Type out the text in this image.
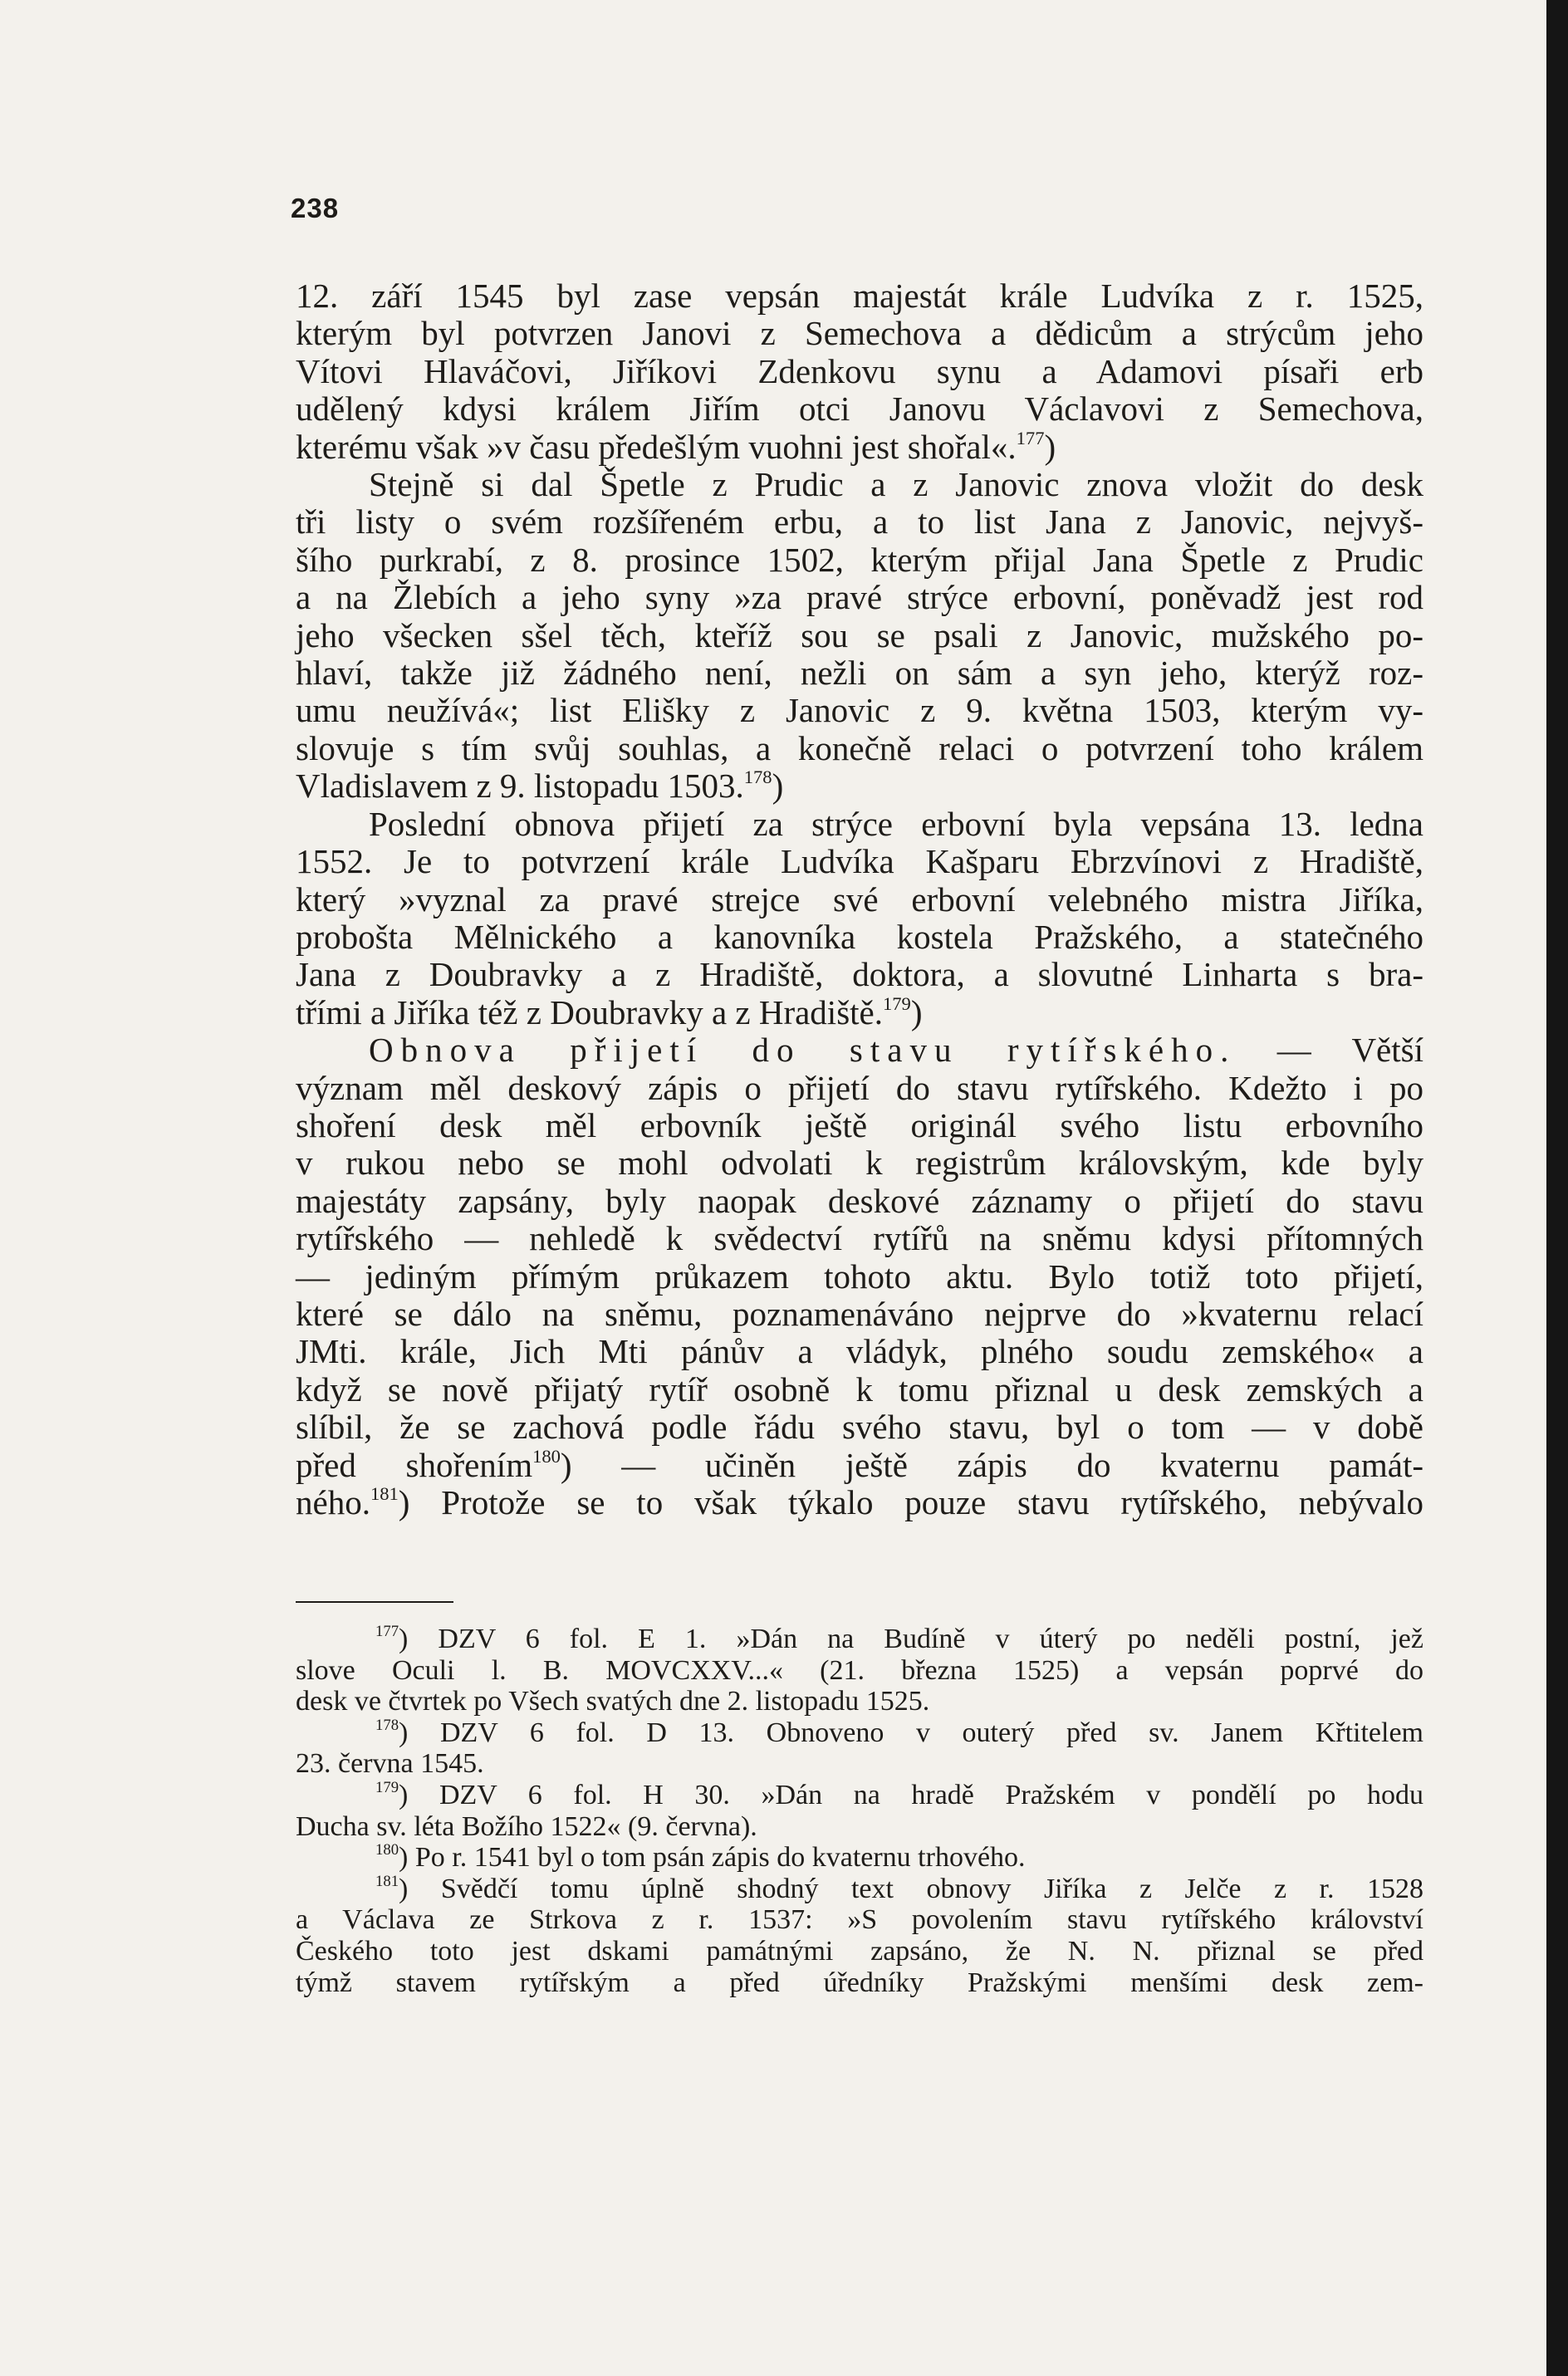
238
12. září 1545 byl zase vepsán majestát krále Ludvíka z r. 1525,
kterým byl potvrzen Janovi z Semechova a dědicům a strýcům jeho
Vítovi Hlaváčovi, Jiříkovi Zdenkovu synu a Adamovi písaři erb
udělený kdysi králem Jiřím otci Janovu Václavovi z Semechova,
kterému však »v času předešlým vuohni jest shořal«.$^{177}$)
Stejně si dal Špetle z Prudic a z Janovic znova vložit do desk
tři listy o svém rozšířeném erbu, a to list Jana z Janovic, nejvyš-
šího purkrabí, z 8. prosince 1502, kterým přijal Jana Špetle z Prudic
a na Žlebích a jeho syny »za pravé strýce erbovní, poněvadž jest rod
jeho všecken sšel těch, kteříž sou se psali z Janovic, mužského po-
hlaví, takže již žádného není, nežli on sám a syn jeho, kterýž roz-
umu neužívá«; list Elišky z Janovic z 9. května 1503, kterým vy-
slovuje s tím svůj souhlas, a konečně relaci o potvrzení toho králem
Vladislavem z 9. listopadu 1503.$^{178}$)
Poslední obnova přijetí za strýce erbovní byla vepsána 13. ledna
1552. Je to potvrzení krále Ludvíka Kašparu Ebrzvínovi z Hradiště,
který »vyznal za pravé strejce své erbovní velebného mistra Jiříka,
probošta Mělnického a kanovníka kostela Pražského, a statečného
Jana z Doubravky a z Hradiště, doktora, a slovutné Linharta s bra-
třími a Jiříka též z Doubravky a z Hradiště.$^{179}$)
Obnova přijetí do stavu rytířského. — Větší
význam měl deskový zápis o přijetí do stavu rytířského. Kdežto i po
shoření desk měl erbovník ještě originál svého listu erbovního
v rukou nebo se mohl odvolati k registrům královským, kde byly
majestáty zapsány, byly naopak deskové záznamy o přijetí do stavu
rytířského — nehledě k svědectví rytířů na sněmu kdysi přítomných
— jediným přímým průkazem tohoto aktu. Bylo totiž toto přijetí,
které se dálo na sněmu, poznamenáváno nejprve do »kvaternu relací
JMti. krále, Jich Mti pánův a vládyk, plného soudu zemského« a
když se nově přijatý rytíř osobně k tomu přiznal u desk zemských a
slíbil, že se zachová podle řádu svého stavu, byl o tom — v době
před shořením$^{180}$) — učiněn ještě zápis do kvaternu památ-
ného.$^{181}$) Protože se to však týkalo pouze stavu rytířského, nebývalo
$^{177}$) DZV 6 fol. E 1. »Dán na Budíně v úterý po neděli postní, jež
slove Oculi l. B. MOVCXXV...« (21. března 1525) a vepsán poprvé do
desk ve čtvrtek po Všech svatých dne 2. listopadu 1525.
$^{178}$) DZV 6 fol. D 13. Obnoveno v outerý před sv. Janem Křtitelem
23. června 1545.
$^{179}$) DZV 6 fol. H 30. »Dán na hradě Pražském v pondělí po hodu
Ducha sv. léta Božího 1522« (9. června).
$^{180}$) Po r. 1541 byl o tom psán zápis do kvaternu trhového.
$^{181}$) Svědčí tomu úplně shodný text obnovy Jiříka z Jelče z r. 1528
a Václava ze Strkova z r. 1537: »S povolením stavu rytířského království
Českého toto jest dskami památnými zapsáno, že N. N. přiznal se před
týmž stavem rytířským a před úředníky Pražskými menšími desk zem-
